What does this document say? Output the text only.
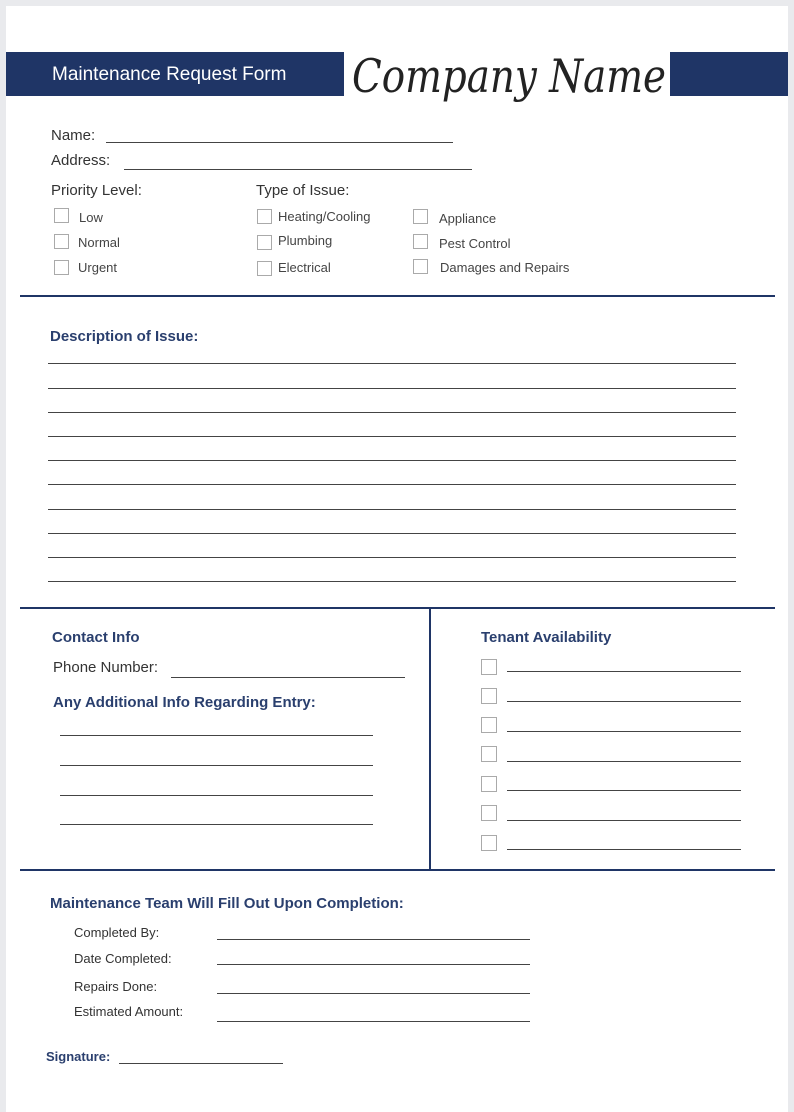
Maintenance Request Form Company Name
Name:
Address:
Priority Level:
Low
Normal
Urgent
Type of Issue:
Heating/Cooling
Plumbing
Electrical
Appliance
Pest Control
Damages and Repairs
Description of Issue:
Contact Info
Phone Number:
Any Additional Info Regarding Entry:
Tenant Availability
Maintenance Team Will Fill Out Upon Completion:
Completed By:
Date Completed:
Repairs Done:
Estimated Amount:
Signature:
